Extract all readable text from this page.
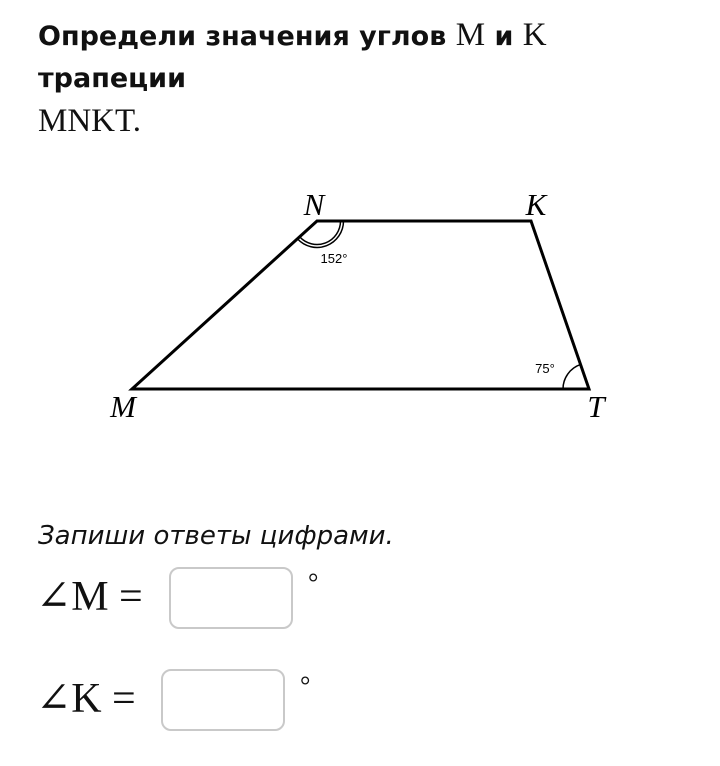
Определи значения углов M и K трапеции
MNKT.
N	K
M	T
152°
75°

Запиши ответы цифрами.

∠M =	°
∠K =	°
